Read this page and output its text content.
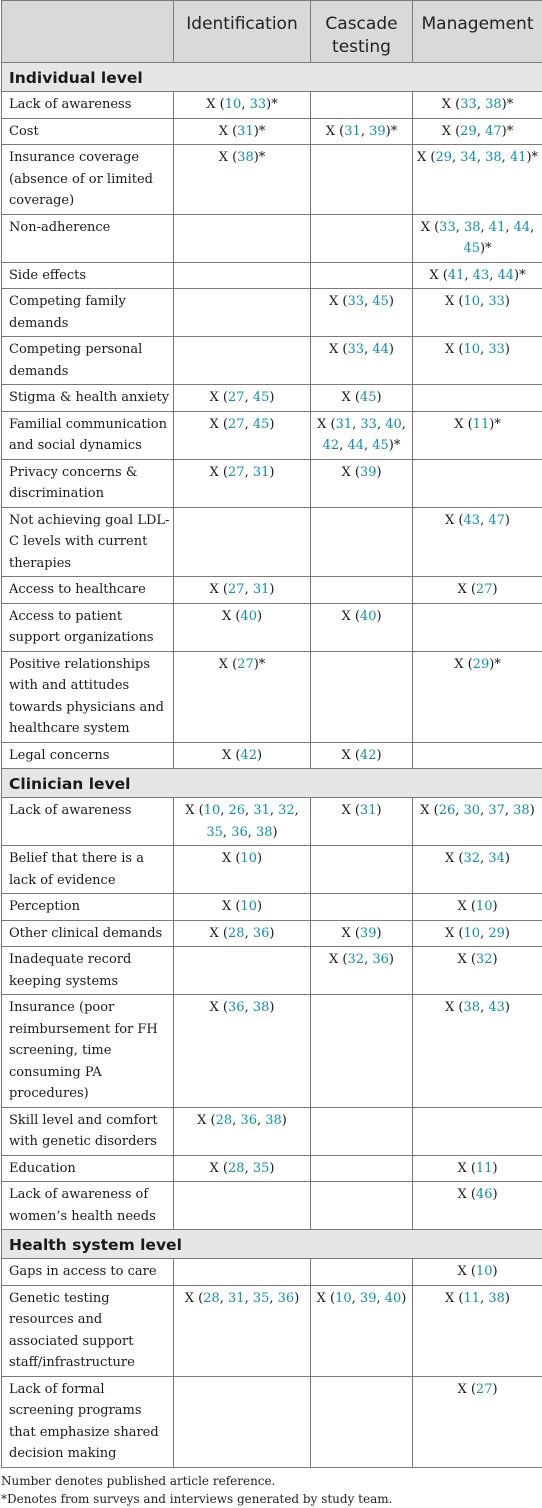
	Identification	Cascade testing	Management
Individual level			
Lack of awareness	X (10, 33)*		X (33, 38)*
Cost	X (31)*	X (31, 39)*	X (29, 47)*
Insurance coverage (absence of or limited coverage)	X (38)*		X (29, 34, 38, 41)*
Non-adherence			X (33, 38, 41, 44, 45)*
Side effects			X (41, 43, 44)*
Competing family demands		X (33, 45)	X (10, 33)
Competing personal demands		X (33, 44)	X (10, 33)
Stigma & health anxiety	X (27, 45)	X (45)	
Familial communication and social dynamics	X (27, 45)	X (31, 33, 40, 42, 44, 45)*	X (11)*
Privacy concerns & discrimination	X (27, 31)	X (39)	
Not achieving goal LDL-C levels with current therapies			X (43, 47)
Access to healthcare	X (27, 31)		X (27)
Access to patient support organizations	X (40)	X (40)	
Positive relationships with and attitudes towards physicians and healthcare system	X (27)*		X (29)*
Legal concerns	X (42)	X (42)	
Clinician level			
Lack of awareness	X (10, 26, 31, 32, 35, 36, 38)	X (31)	X (26, 30, 37, 38)
Belief that there is a lack of evidence	X (10)		X (32, 34)
Perception	X (10)		X (10)
Other clinical demands	X (28, 36)	X (39)	X (10, 29)
Inadequate record keeping systems		X (32, 36)	X (32)
Insurance (poor reimbursement for FH screening, time consuming PA procedures)	X (36, 38)		X (38, 43)
Skill level and comfort with genetic disorders	X (28, 36, 38)		
Education	X (28, 35)		X (11)
Lack of awareness of women’s health needs			X (46)
Health system level			
Gaps in access to care			X (10)
Genetic testing resources and associated support staff/infrastructure	X (28, 31, 35, 36)	X (10, 39, 40)	X (11, 38)
Lack of formal screening programs that emphasize shared decision making			X (27)
Number denotes published article reference.
*Denotes from surveys and interviews generated by study team.
